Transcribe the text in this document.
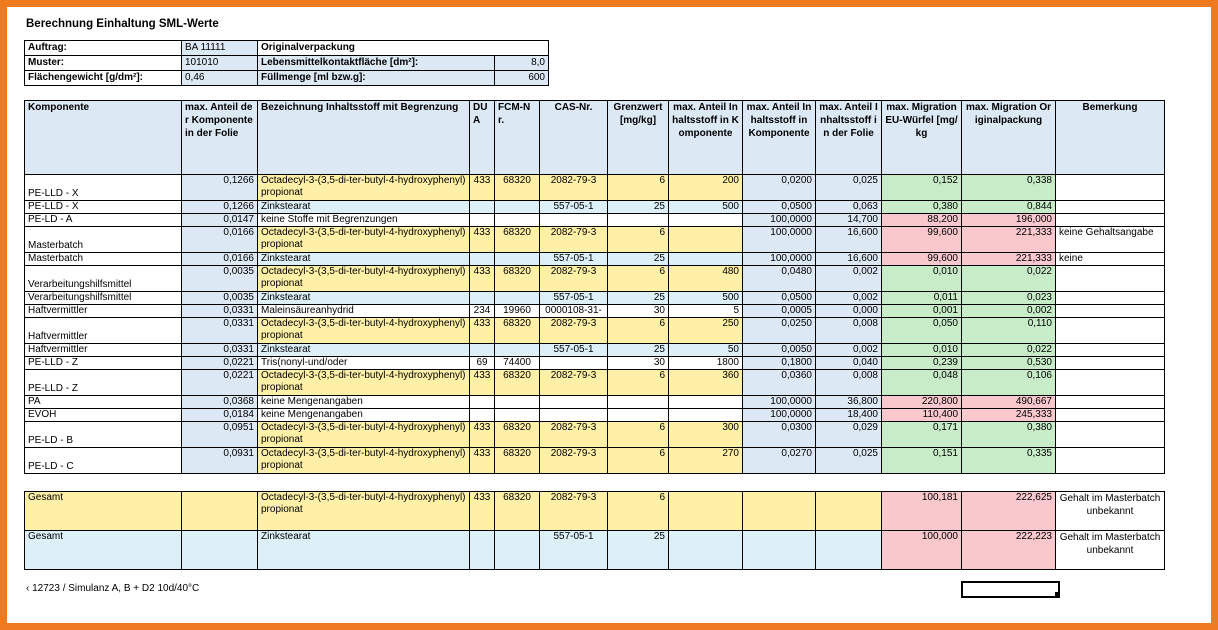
Berechnung Einhaltung SML-Werte
Auftrag:	BA 11111	Originalverpackung	
Muster:	101010	Lebensmittelkontaktfläche [dm²]:	8,0
Flächengewicht [g/dm²]:	0,46	Füllmenge [ml bzw.g]:	600
Komponente	max. Anteil der Komponente in der Folie	Bezeichnung Inhaltsstoff mit Begrenzung	DUA	FCM-Nr.	CAS-Nr.	Grenzwert [mg/kg]	max. Anteil Inhaltsstoff in Komponente	max. Anteil Inhaltsstoff in Komponente	max. Anteil Inhaltsstoff in der Folie	max. Migration EU-Würfel [mg/kg	max. Migration Originalpackung	Bemerkung
PE-LLD - X	0,1266	Octadecyl-3-(3,5-di-ter-butyl-4-hydroxyphenyl) propionat	433	68320	2082-79-3	6	200	0,0200	0,025	0,152	0,338	
PE-LLD - X	0,1266	Zinkstearat			557-05-1	25	500	0,0500	0,063	0,380	0,844	
PE-LD - A	0,0147	keine Stoffe mit Begrenzungen						100,0000	14,700	88,200	196,000	
Masterbatch	0,0166	Octadecyl-3-(3,5-di-ter-butyl-4-hydroxyphenyl) propionat	433	68320	2082-79-3	6		100,0000	16,600	99,600	221,333	keine Gehaltsangabe
Masterbatch	0,0166	Zinkstearat			557-05-1	25		100,0000	16,600	99,600	221,333	keine
Verarbeitungshilfsmittel	0,0035	Octadecyl-3-(3,5-di-ter-butyl-4-hydroxyphenyl) propionat	433	68320	2082-79-3	6	480	0,0480	0,002	0,010	0,022	
Verarbeitungshilfsmittel	0,0035	Zinkstearat			557-05-1	25	500	0,0500	0,002	0,011	0,023	
Haftvermittler	0,0331	Maleinsäureanhydrid	234	19960	0000108-31-	30	5	0,0005	0,000	0,001	0,002	
Haftvermittler	0,0331	Octadecyl-3-(3,5-di-ter-butyl-4-hydroxyphenyl) propionat	433	68320	2082-79-3	6	250	0,0250	0,008	0,050	0,110	
Haftvermittler	0,0331	Zinkstearat			557-05-1	25	50	0,0050	0,002	0,010	0,022	
PE-LLD - Z	0,0221	Tris(nonyl-und/oder	69	74400		30	1800	0,1800	0,040	0,239	0,530	
PE-LLD - Z	0,0221	Octadecyl-3-(3,5-di-ter-butyl-4-hydroxyphenyl) propionat	433	68320	2082-79-3	6	360	0,0360	0,008	0,048	0,106	
PA	0,0368	keine Mengenangaben						100,0000	36,800	220,800	490,667	
EVOH	0,0184	keine Mengenangaben						100,0000	18,400	110,400	245,333	
PE-LD - B	0,0951	Octadecyl-3-(3,5-di-ter-butyl-4-hydroxyphenyl) propionat	433	68320	2082-79-3	6	300	0,0300	0,029	0,171	0,380	
PE-LD - C	0,0931	Octadecyl-3-(3,5-di-ter-butyl-4-hydroxyphenyl) propionat	433	68320	2082-79-3	6	270	0,0270	0,025	0,151	0,335	
Gesamt		Octadecyl-3-(3,5-di-ter-butyl-4-hydroxyphenyl) propionat	433	68320	2082-79-3	6				100,181	222,625	Gehalt im Masterbatch unbekannt
Gesamt		Zinkstearat			557-05-1	25				100,000	222,223	Gehalt im Masterbatch unbekannt
‹ 12723 / Simulanz A, B + D2 10d/40°C
